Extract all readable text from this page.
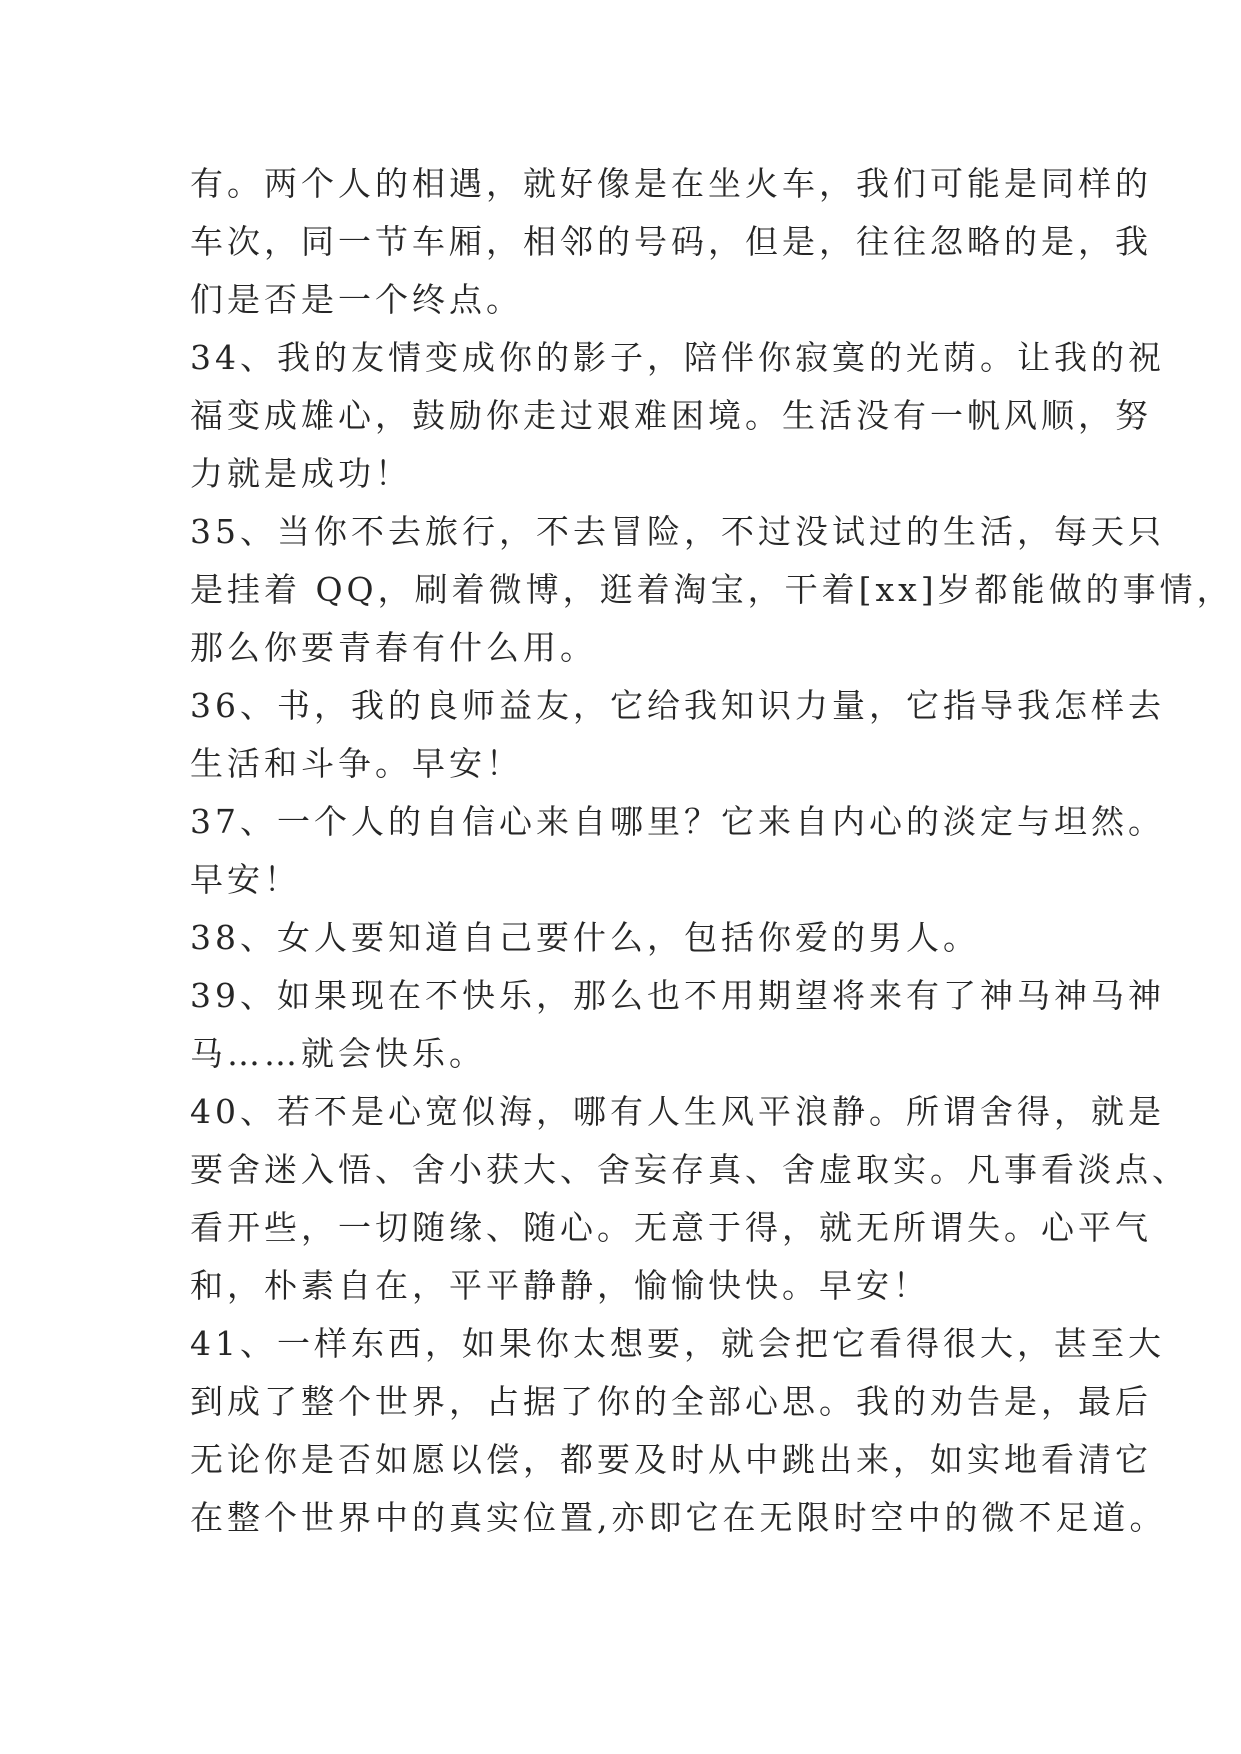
有。两个人的相遇，就好像是在坐火车，我们可能是同样的
车次，同一节车厢，相邻的号码，但是，往往忽略的是，我
们是否是一个终点。
34、我的友情变成你的影子，陪伴你寂寞的光荫。让我的祝
福变成雄心，鼓励你走过艰难困境。生活没有一帆风顺，努
力就是成功！
35、当你不去旅行，不去冒险，不过没试过的生活，每天只
是挂着 QQ，刷着微博，逛着淘宝，干着[xx]岁都能做的事情，
那么你要青春有什么用。
36、书，我的良师益友，它给我知识力量，它指导我怎样去
生活和斗争。早安！
37、一个人的自信心来自哪里？它来自内心的淡定与坦然。
早安！
38、女人要知道自己要什么，包括你爱的男人。
39、如果现在不快乐，那么也不用期望将来有了神马神马神
马……就会快乐。
40、若不是心宽似海，哪有人生风平浪静。所谓舍得，就是
要舍迷入悟、舍小获大、舍妄存真、舍虚取实。凡事看淡点、
看开些，一切随缘、随心。无意于得，就无所谓失。心平气
和，朴素自在，平平静静，愉愉快快。早安！
41、一样东西，如果你太想要，就会把它看得很大，甚至大
到成了整个世界，占据了你的全部心思。我的劝告是，最后
无论你是否如愿以偿，都要及时从中跳出来，如实地看清它
在整个世界中的真实位置,亦即它在无限时空中的微不足道。
